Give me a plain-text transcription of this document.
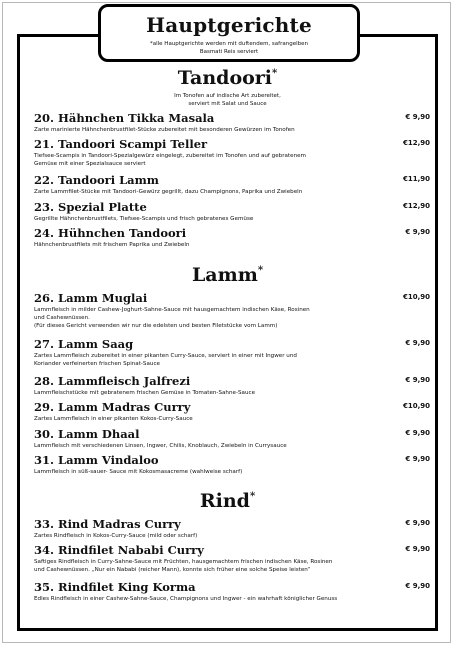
Hauptgerichte
*alle Hauptgerichte werden mit duftendem, safrangelben
Basmati Reis serviert
Tandoori*
Im Tonofen auf indische Art zubereitet,
serviert mit Salat und Sauce
20. Hähnchen Tikka Masala	€ 9,90
Zarte marinierte Hähnchenbrustfilet-Stücke zubereitet mit besonderen Gewürzen im Tonofen
21. Tandoori Scampi Teller	€12,90
Tiefsee-Scampis in Tandoori-Spezialgewürz eingelegt, zubereitet im Tonofen und auf gebratenem
Gemüse mit einer Spezialsauce serviert
22. Tandoori Lamm	€11,90
Zarte Lammfilet-Stücke mit Tandoori-Gewürz gegrillt, dazu Champignons, Paprika und Zwiebeln
23. Spezial Platte	€12,90
Gegrillte Hähnchenbrustfilets, Tiefsee-Scampis und frisch gebratenes Gemüse
24. Hühnchen Tandoori	€ 9,90
Hähnchenbrustfilets mit frischem Paprika und Zwiebeln
Lamm*
26. Lamm Muglai	€10,90
Lammfleisch in milder Cashew-Joghurt-Sahne-Sauce mit hausgemachtem indischen Käse, Rosinen
und Cashewnüssen.
(Für dieses Gericht verwenden wir nur die edelsten und besten Filetstücke vom Lamm)
27. Lamm Saag	€ 9,90
Zartes Lammfleisch zubereitet in einer pikanten Curry-Sauce, serviert in einer mit Ingwer und
Koriander verfeinerten frischen Spinat-Sauce
28. Lammfleisch Jalfrezi	€ 9,90
Lammfleischstücke mit gebratenem frischen Gemüse in Tomaten-Sahne-Sauce
29. Lamm Madras Curry	€10,90
Zartes Lammfleisch in einer pikanten Kokos-Curry-Sauce
30. Lamm Dhaal	€ 9,90
Lammfleisch mit verschiedenen Linsen, Ingwer, Chilis, Knoblauch, Zwiebeln in Currysauce
31. Lamm Vindaloo	€ 9,90
Lammfleisch in süß-sauer- Sauce mit Kokosmasacreme (wahlweise scharf)
Rind*
33. Rind Madras Curry	€ 9,90
Zartes Rindfleisch in Kokos-Curry-Sauce (mild oder scharf)
34. Rindfilet Nababi Curry	€ 9,90
Saftiges Rindfleisch in Curry-Sahne-Sauce mit Früchten, hausgemachtem frischen indischen Käse, Rosinen
und Cashewnüssen. „Nur ein Nababi (reicher Mann), konnte sich früher eine solche Speise leisten“
35. Rindfilet King Korma	€ 9,90
Edles Rindfleisch in einer Cashew-Sahne-Sauce, Champignons und Ingwer - ein wahrhaft königlicher Genuss
